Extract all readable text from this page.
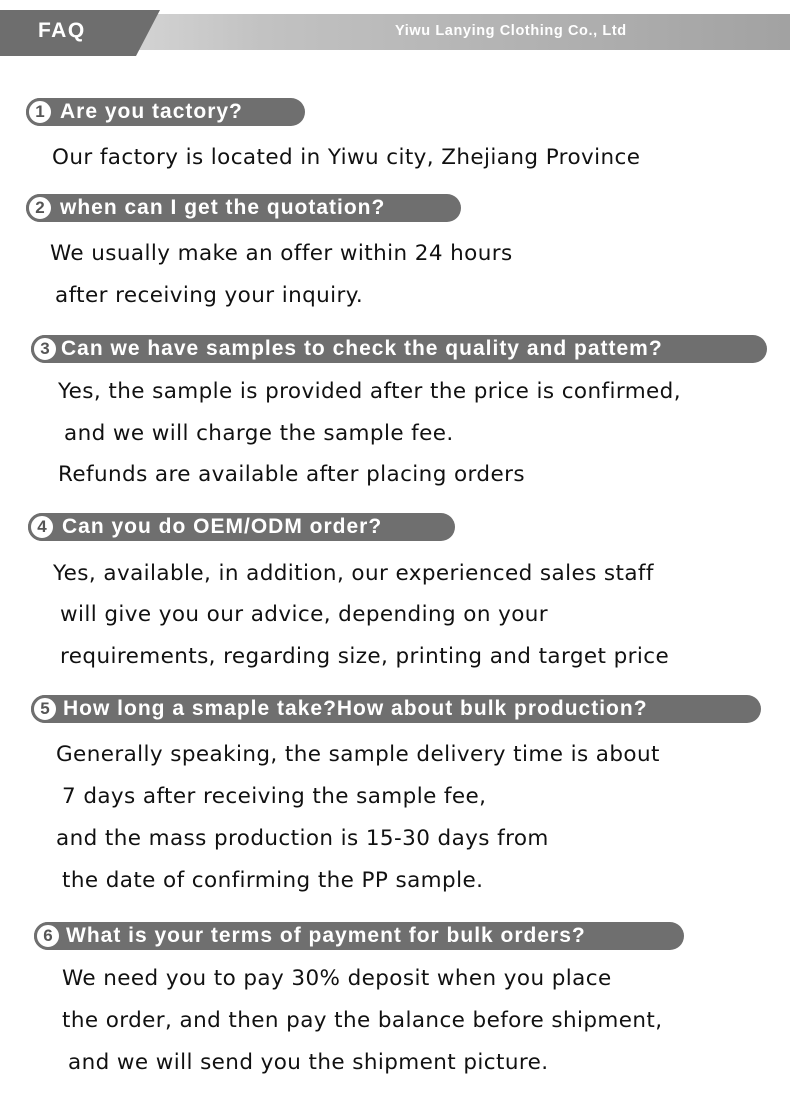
Yiwu Lanying Clothing Co., Ltd
FAQ
1 Are you tactory?
Our factory is located in Yiwu city, Zhejiang Province
2 when can I get the quotation?
We usually make an offer within 24 hours
after receiving your inquiry.
3 Can we have samples to check the quality and pattem?
Yes, the sample is provided after the price is confirmed,
and we will charge the sample fee.
Refunds are available after placing orders
4 Can you do OEM/ODM order?
Yes, available, in addition, our experienced sales staff
will give you our advice, depending on your
requirements, regarding size, printing and target price
5 How long a smaple take?How about bulk production?
Generally speaking, the sample delivery time is about
7 days after receiving the sample fee,
and the mass production is 15-30 days from
the date of confirming the PP sample.
6 What is your terms of payment for bulk orders?
We need you to pay 30% deposit when you place
the order, and then pay the balance before shipment,
and we will send you the shipment picture.
